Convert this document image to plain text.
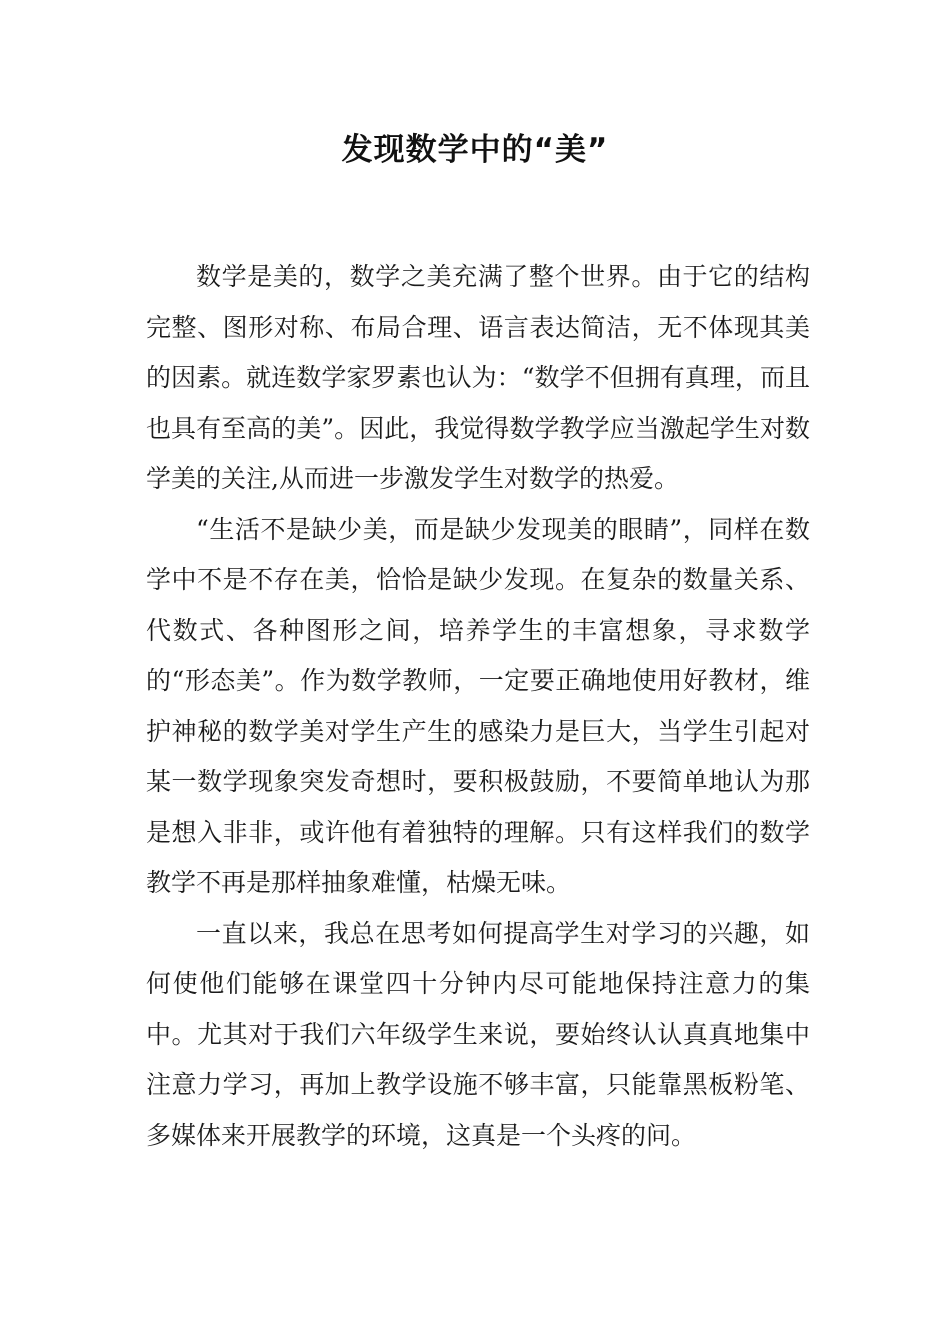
发现数学中的“美”

数学是美的，数学之美充满了整个世界。由于它的结构完整、图形对称、布局合理、语言表达简洁，无不体现其美的因素。就连数学家罗素也认为：“数学不但拥有真理，而且也具有至高的美”。因此，我觉得数学教学应当激起学生对数学美的关注,从而进一步激发学生对数学的热爱。

“生活不是缺少美，而是缺少发现美的眼睛”，同样在数学中不是不存在美，恰恰是缺少发现。在复杂的数量关系、代数式、各种图形之间，培养学生的丰富想象，寻求数学的“形态美”。作为数学教师，一定要正确地使用好教材，维护神秘的数学美对学生产生的感染力是巨大，当学生引起对某一数学现象突发奇想时，要积极鼓励，不要简单地认为那是想入非非，或许他有着独特的理解。只有这样我们的数学教学不再是那样抽象难懂，枯燥无味。

一直以来，我总在思考如何提高学生对学习的兴趣，如何使他们能够在课堂四十分钟内尽可能地保持注意力的集中。尤其对于我们六年级学生来说，要始终认认真真地集中注意力学习，再加上教学设施不够丰富，只能靠黑板粉笔、多媒体来开展教学的环境，这真是一个头疼的问。
